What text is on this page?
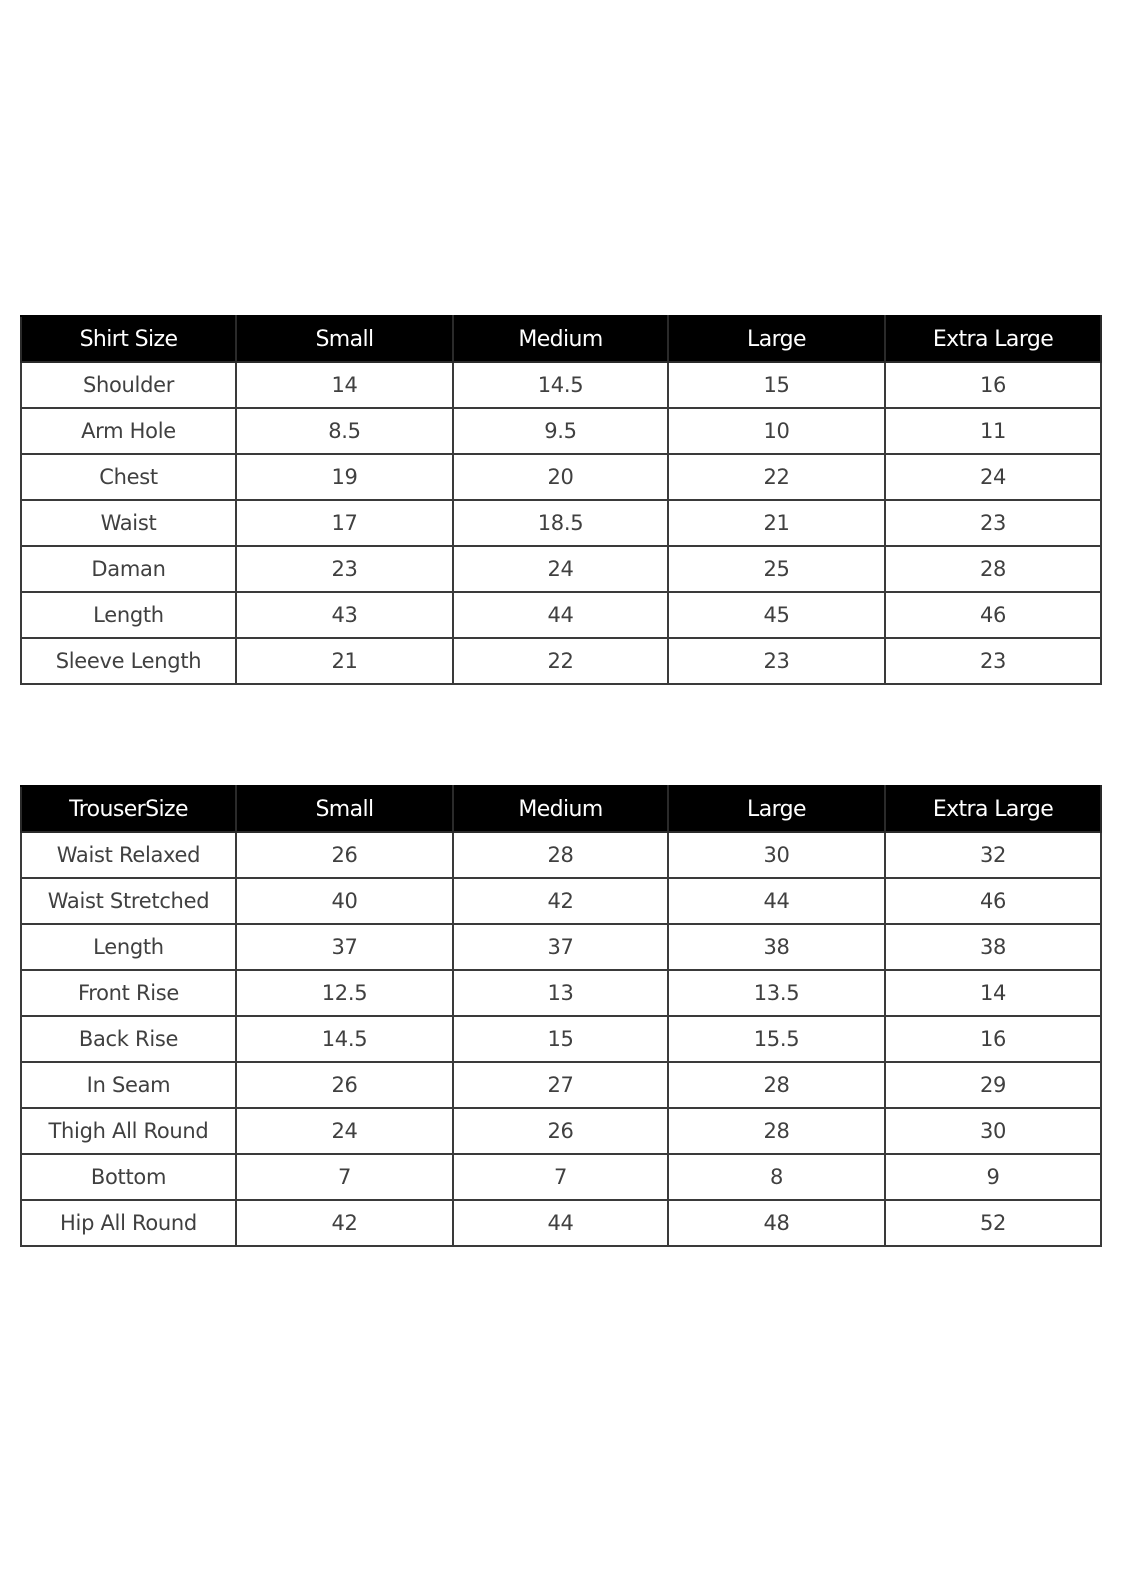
Shirt Size	Small	Medium	Large	Extra Large
Shoulder	14	14.5	15	16
Arm Hole	8.5	9.5	10	11
Chest	19	20	22	24
Waist	17	18.5	21	23
Daman	23	24	25	28
Length	43	44	45	46
Sleeve Length	21	22	23	23
TrouserSize	Small	Medium	Large	Extra Large
Waist Relaxed	26	28	30	32
Waist Stretched	40	42	44	46
Length	37	37	38	38
Front Rise	12.5	13	13.5	14
Back Rise	14.5	15	15.5	16
In Seam	26	27	28	29
Thigh All Round	24	26	28	30
Bottom	7	7	8	9
Hip All Round	42	44	48	52
